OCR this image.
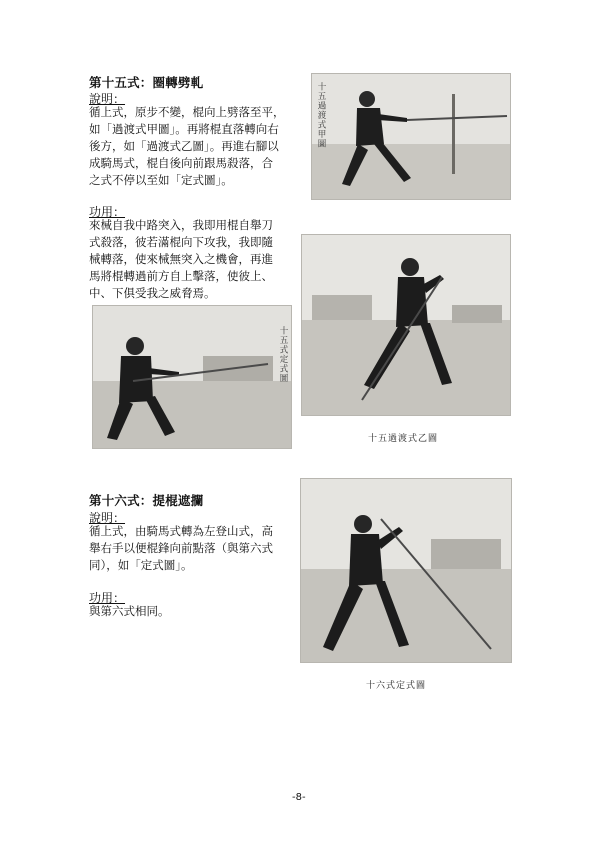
第十五式：圈轉劈軋
說明：
循上式，原步不變，棍向上劈落至平，
如「過渡式甲圖」。再將棍直落轉向右
後方，如「過渡式乙圖」。再進右腳以
成騎馬式，棍自後向前跟馬殺落，合
之式不停以至如「定式圖」。
功用：
來械自我中路突入，我即用棍自舉刀
式殺落，彼若滿棍向下攻我，我即隨
械轉落，使來械無突入之機會，再進
馬將棍轉過前方自上擊落，使彼上、
中、下俱受我之威脅焉。
十五過渡式甲圖
十五過渡式乙圖
十五式定式圖
第十六式：提棍遮攔
說明：
循上式，由騎馬式轉為左登山式，高
舉右手以便棍鋒向前點落（與第六式
同），如「定式圖」。
功用：
與第六式相同。
十六式定式圖
-8-
